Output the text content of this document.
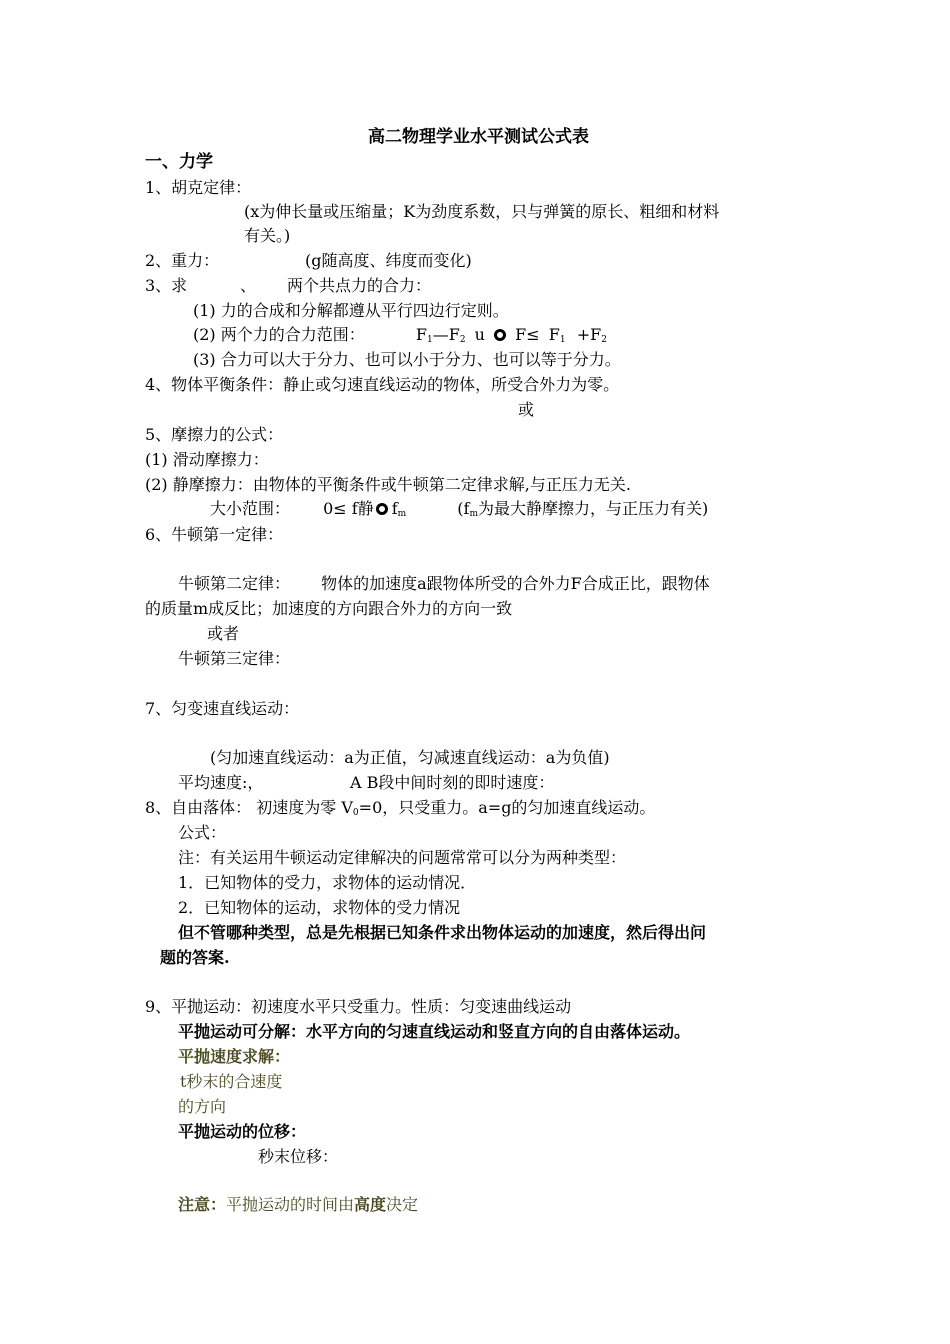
高二物理学业水平测试公式表
一、力学
1、胡克定律：
(x为伸长量或压缩量；K为劲度系数，只与弹簧的原长、粗细和材料
有关。)
2、重力：	(g随高度、纬度而变化)
3、求	、 两个共点力的合力：
(1) 力的合成和分解都遵从平行四边行定则。
(2) 两个力的合力范围：	$F_1—F_2$ u $F\le F_1 +F_2$
(3) 合力可以大于分力、也可以小于分力、也可以等于分力。
4、物体平衡条件：静止或匀速直线运动的物体，所受合外力为零。
或
5、摩擦力的公式：
(1) 滑动摩擦力：
(2) 静摩擦力：由物体的平衡条件或牛顿第二定律求解,与正压力无关.
大小范围： 0≤ f静 $f_m$	($f_m$为最大静摩擦力，与正压力有关)
6、牛顿第一定律：
牛顿第二定律： 物体的加速度a跟物体所受的合外力F合成正比，跟物体
的质量m成反比；加速度的方向跟合外力的方向一致
或者
牛顿第三定律：
7、匀变速直线运动：
(匀加速直线运动：a为正值，匀减速直线运动：a为负值)
平均速度:，	A B段中间时刻的即时速度：
8、自由落体： 初速度为零 $V_0=0$，只受重力。a=g的匀加速直线运动。
公式：
注：有关运用牛顿运动定律解决的问题常常可以分为两种类型：
1．已知物体的受力，求物体的运动情况．
2．已知物体的运动，求物体的受力情况
但不管哪种类型，总是先根据已知条件求出物体运动的加速度，然后得出问
题的答案.
9、平抛运动：初速度水平只受重力。性质：匀变速曲线运动
平抛运动可分解：水平方向的匀速直线运动和竖直方向的自由落体运动。
平抛速度求解：
t秒末的合速度
的方向
平抛运动的位移：
秒末位移：
注意：平抛运动的时间由高度决定
